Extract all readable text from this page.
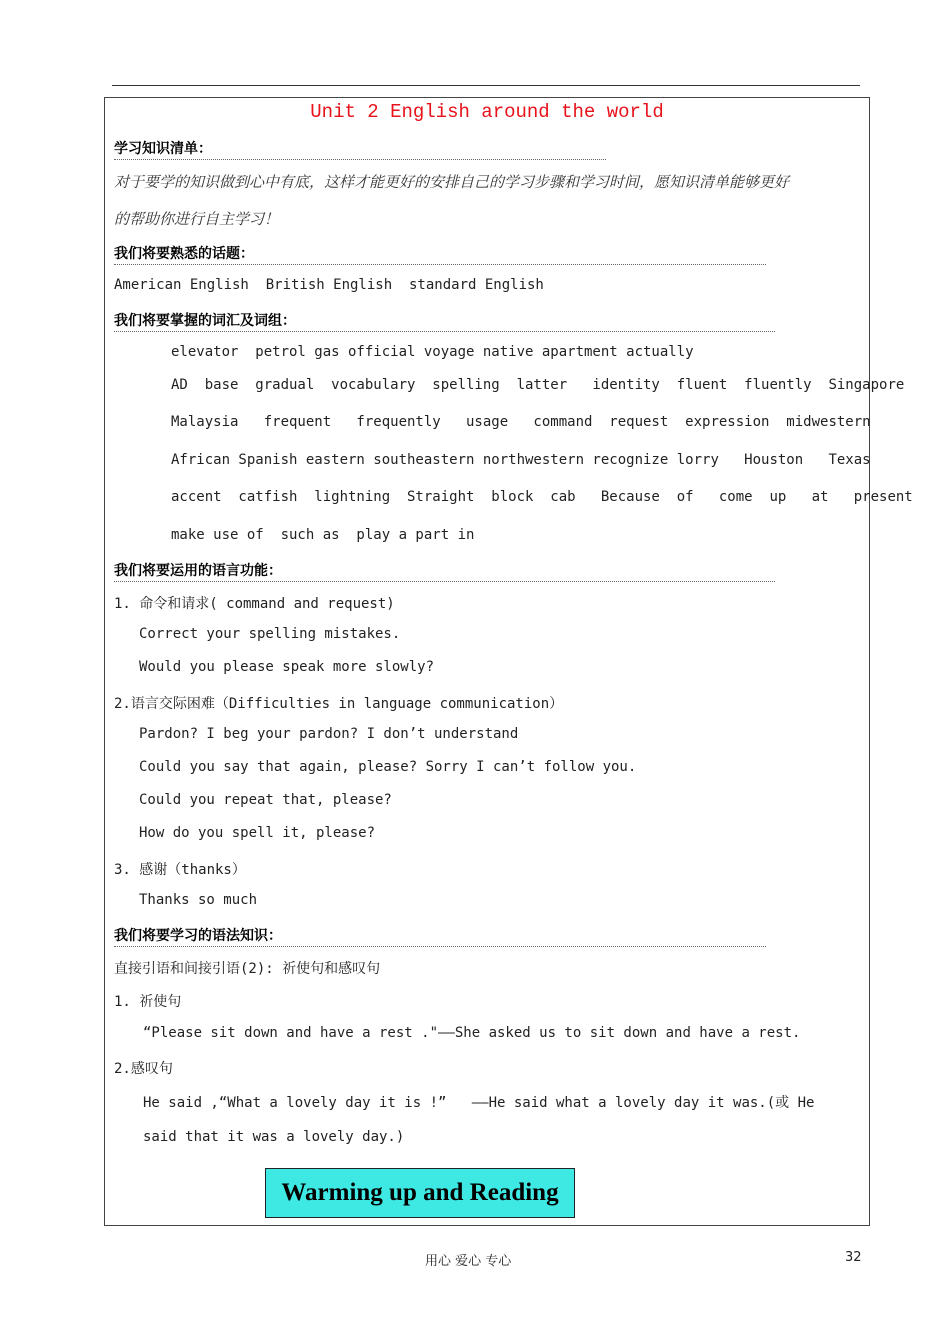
Unit 2 English around the world
学习知识清单：
对于要学的知识做到心中有底，这样才能更好的安排自己的学习步骤和学习时间，愿知识清单能够更好
的帮助你进行自主学习！
我们将要熟悉的话题：
American English  British English  standard English
我们将要掌握的词汇及词组：
elevator  petrol gas official voyage native apartment actually
AD  base  gradual  vocabulary  spelling  latter   identity  fluent  fluently  Singapore
Malaysia   frequent   frequently   usage   command  request  expression  midwestern
African Spanish eastern southeastern northwestern recognize lorry   Houston   Texas
accent  catfish  lightning  Straight  block  cab   Because  of   come  up   at   present
make use of  such as  play a part in
我们将要运用的语言功能：
1. 命令和请求( command and request)
Correct your spelling mistakes.
Would you please speak more slowly?
2.语言交际困难（Difficulties in language communication）
Pardon? I beg your pardon? I don’t understand
Could you say that again, please? Sorry I can’t follow you.
Could you repeat that, please?
How do you spell it, please?
3. 感谢（thanks）
Thanks so much
我们将要学习的语法知识：
直接引语和间接引语(2): 祈使句和感叹句
1. 祈使句
“Please sit down and have a rest ."——She asked us to sit down and have a rest.
2.感叹句
He said ,“What a lovely day it is !”   ——He said what a lovely day it was.(或 He
said that it was a lovely day.)
Warming up and Reading
用心 爱心 专心	32
